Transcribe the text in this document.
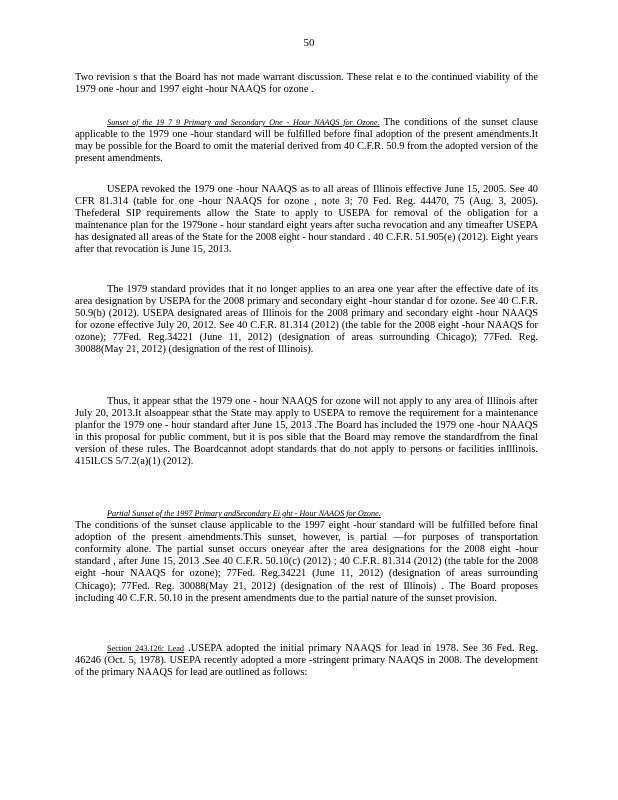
50

Two revision s that the Board has not made warrant discussion. These relat e to the continued viability of the 1979 one -hour and 1997 eight -hour NAAQS for ozone .

Sunset of the 19 7 9 Primary and Secondary One - Hour NAAQS for Ozone. The conditions of the sunset clause applicable to the 1979 one -hour standard will be fulfilled before final adoption of the present amendments.It may be possible for the Board to omit the material derived from 40 C.F.R. 50.9 from the adopted version of the present amendments.

USEPA revoked the 1979 one -hour NAAQS as to all areas of Illinois effective June 15, 2005. See 40 CFR 81.314 (table for one -hour NAAQS for ozone , note 3; 70 Fed. Reg. 44470, 75 (Aug. 3, 2005). Thefederal SIP requirements allow the State to apply to USEPA for removal of the obligation for a maintenance plan for the 1979one - hour standard eight years after sucha revocation and any timeafter USEPA has designated all areas of the State for the 2008 eight - hour standard . 40 C.F.R. 51.905(e) (2012). Eight years after that revocation is June 15, 2013.

The 1979 standard provides that it no longer applies to an area one year after the effective date of its area designation by USEPA for the 2008 primary and secondary eight -hour standar d for ozone. See 40 C.F.R. 50.9(b) (2012). USEPA designated areas of Illinois for the 2008 primary and secondary eight -hour NAAQS for ozone effective July 20, 2012. See 40 C.F.R. 81.314 (2012) (the table for the 2008 eight -hour NAAQS for ozone); 77Fed. Reg.34221 (June 11, 2012) (designation of areas surrounding Chicago); 77Fed. Reg. 30088(May 21, 2012) (designation of the rest of Illinois).

Thus, it appear sthat the 1979 one - hour NAAQS for ozone will not apply to any area of Illinois after July 20, 2013.It alsoappear sthat the State may apply to USEPA to remove the requirement for a maintenance planfor the 1979 one - hour standard after June 15, 2013 .The Board has included the 1979 one -hour NAAQS in this proposal for public comment, but it is pos sible that the Board may remove the standardfrom the final version of these rules. The Boardcannot adopt standards that do not apply to persons or facilities inIllinois. 415ILCS 5/7.2(a)(1) (2012).

Partial Sunset of the 1997 Primary andSecondary Ei ght - Hour NAAOS for Ozone.
The conditions of the sunset clause applicable to the 1997 eight -hour standard will be fulfilled before final adoption of the present amendments.This sunset, however, is partial —for purposes of transportation conformity alone. The partial sunset occurs oneyear after the area designations for the 2008 eight -hour standard , after June 15, 2013 .See 40 C.F.R. 50.10(c) (2012) ; 40 C.F.R. 81.314 (2012) (the table for the 2008 eight -hour NAAQS for ozone); 77Fed. Reg.34221 (June 11, 2012) (designation of areas surrounding Chicago); 77Fed. Reg. 30088(May 21, 2012) (designation of the rest of Illinois) . The Board proposes including 40 C.F.R. 50.10 in the present amendments due to the partial nature of the sunset provision.

Section 243.126: Lead .USEPA adopted the initial primary NAAQS for lead in 1978. See 36 Fed. Reg. 46246 (Oct. 5, 1978). USEPA recently adopted a more -stringent primary NAAQS in 2008. The development of the primary NAAQS for lead are outlined as follows:
